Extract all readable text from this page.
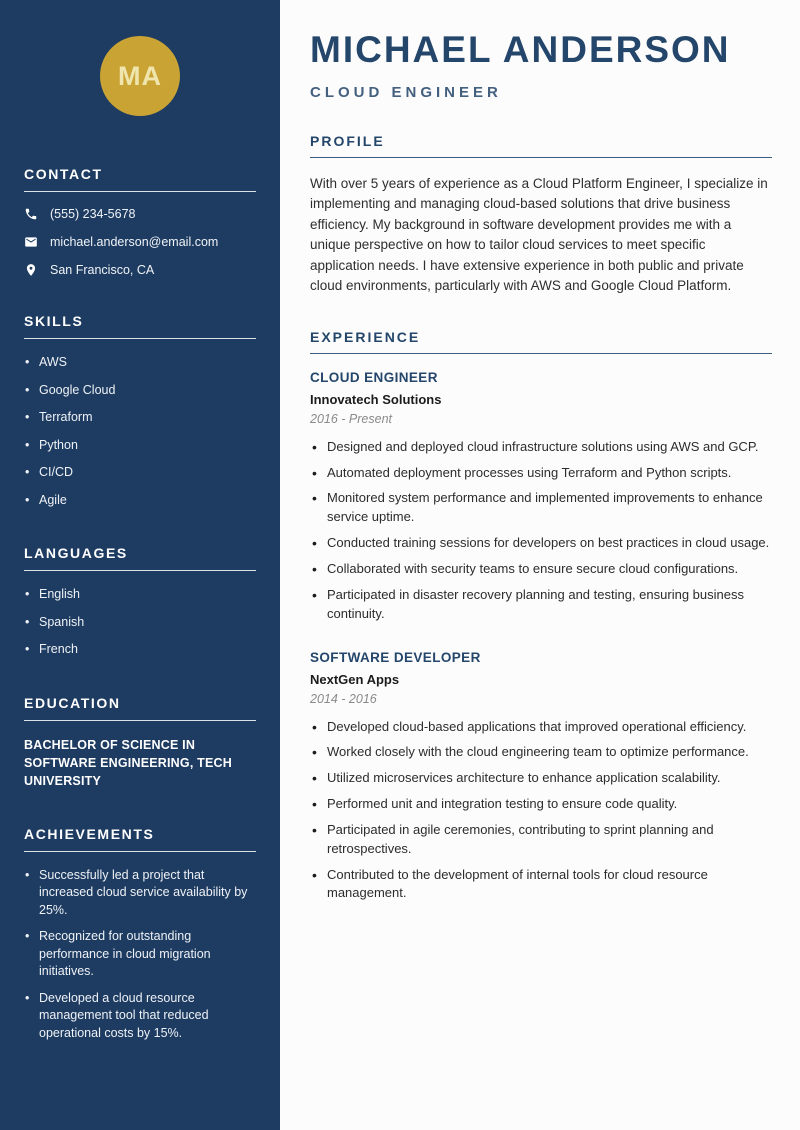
MA
CONTACT
(555) 234-5678
michael.anderson@email.com
San Francisco, CA
SKILLS
• AWS
• Google Cloud
• Terraform
• Python
• CI/CD
• Agile
LANGUAGES
• English
• Spanish
• French
EDUCATION
BACHELOR OF SCIENCE IN SOFTWARE ENGINEERING, TECH UNIVERSITY
ACHIEVEMENTS
• Successfully led a project that increased cloud service availability by 25%.
• Recognized for outstanding performance in cloud migration initiatives.
• Developed a cloud resource management tool that reduced operational costs by 15%.
MICHAEL ANDERSON
CLOUD ENGINEER
PROFILE

With over 5 years of experience as a Cloud Platform Engineer, I specialize in implementing and managing cloud-based solutions that drive business efficiency. My background in software development provides me with a unique perspective on how to tailor cloud services to meet specific application needs. I have extensive experience in both public and private cloud environments, particularly with AWS and Google Cloud Platform.

EXPERIENCE
CLOUD ENGINEER
Innovatech Solutions
2016 - Present
• Designed and deployed cloud infrastructure solutions using AWS and GCP.
• Automated deployment processes using Terraform and Python scripts.
• Monitored system performance and implemented improvements to enhance service uptime.
• Conducted training sessions for developers on best practices in cloud usage.
• Collaborated with security teams to ensure secure cloud configurations.
• Participated in disaster recovery planning and testing, ensuring business continuity.
SOFTWARE DEVELOPER
NextGen Apps
2014 - 2016
• Developed cloud-based applications that improved operational efficiency.
• Worked closely with the cloud engineering team to optimize performance.
• Utilized microservices architecture to enhance application scalability.
• Performed unit and integration testing to ensure code quality.
• Participated in agile ceremonies, contributing to sprint planning and retrospectives.
• Contributed to the development of internal tools for cloud resource management.
